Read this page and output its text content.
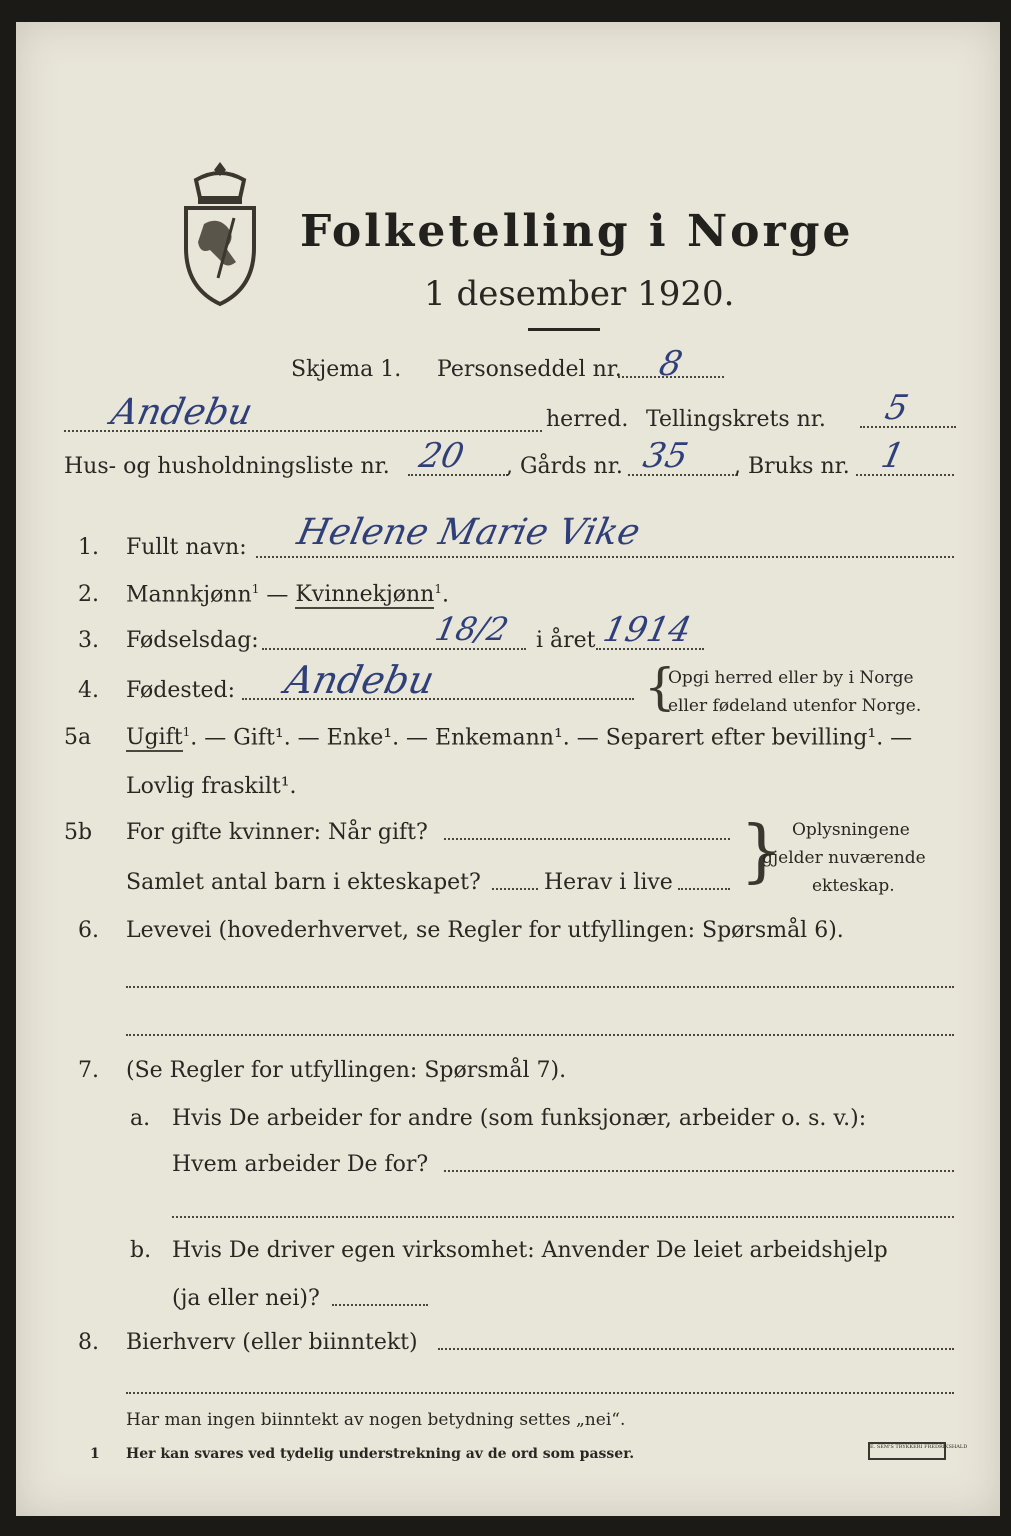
Folketelling i Norge
1 desember 1920.
Skjema 1. Personseddel nr. 8
Andebu	herred. Tellingskrets nr. 5
Hus- og husholdningsliste nr. 20 , Gårds nr. 35 , Bruks nr. 1
1. Fullt navn: Helene Marie Vike
2. Mannkjønn$^1$ — Kvinnekjønn$^1$.
3. Fødselsdag:	18/2 i året 1914
4. Fødested: Andebu	{
Opgi herred eller by i Norge
eller fødeland utenfor Norge.
5a Ugift$^1$. — Gift¹. — Enke¹. — Enkemann¹. — Separert efter bevilling¹. —
Lovlig fraskilt¹.
5b For gifte kvinner: Når gift?
Samlet antal barn i ekteskapet?	Herav i live } Oplysningene
gjelder nuværende
ekteskap.
6. Levevei (hovederhvervet, se Regler for utfyllingen: Spørsmål 6).
7. (Se Regler for utfyllingen: Spørsmål 7).
a. Hvis De arbeider for andre (som funksjonær, arbeider o. s. v.):
Hvem arbeider De for?
b. Hvis De driver egen virksomhet: Anvender De leiet arbeidshjelp
(ja eller nei)?
8. Bierhverv (eller biinntekt)
Har man ingen biinntekt av nogen betydning settes „nei“.
1 Her kan svares ved tydelig understrekning av de ord som passer.	E. SEM'S TRYKKERI FREDRIKSHALD
